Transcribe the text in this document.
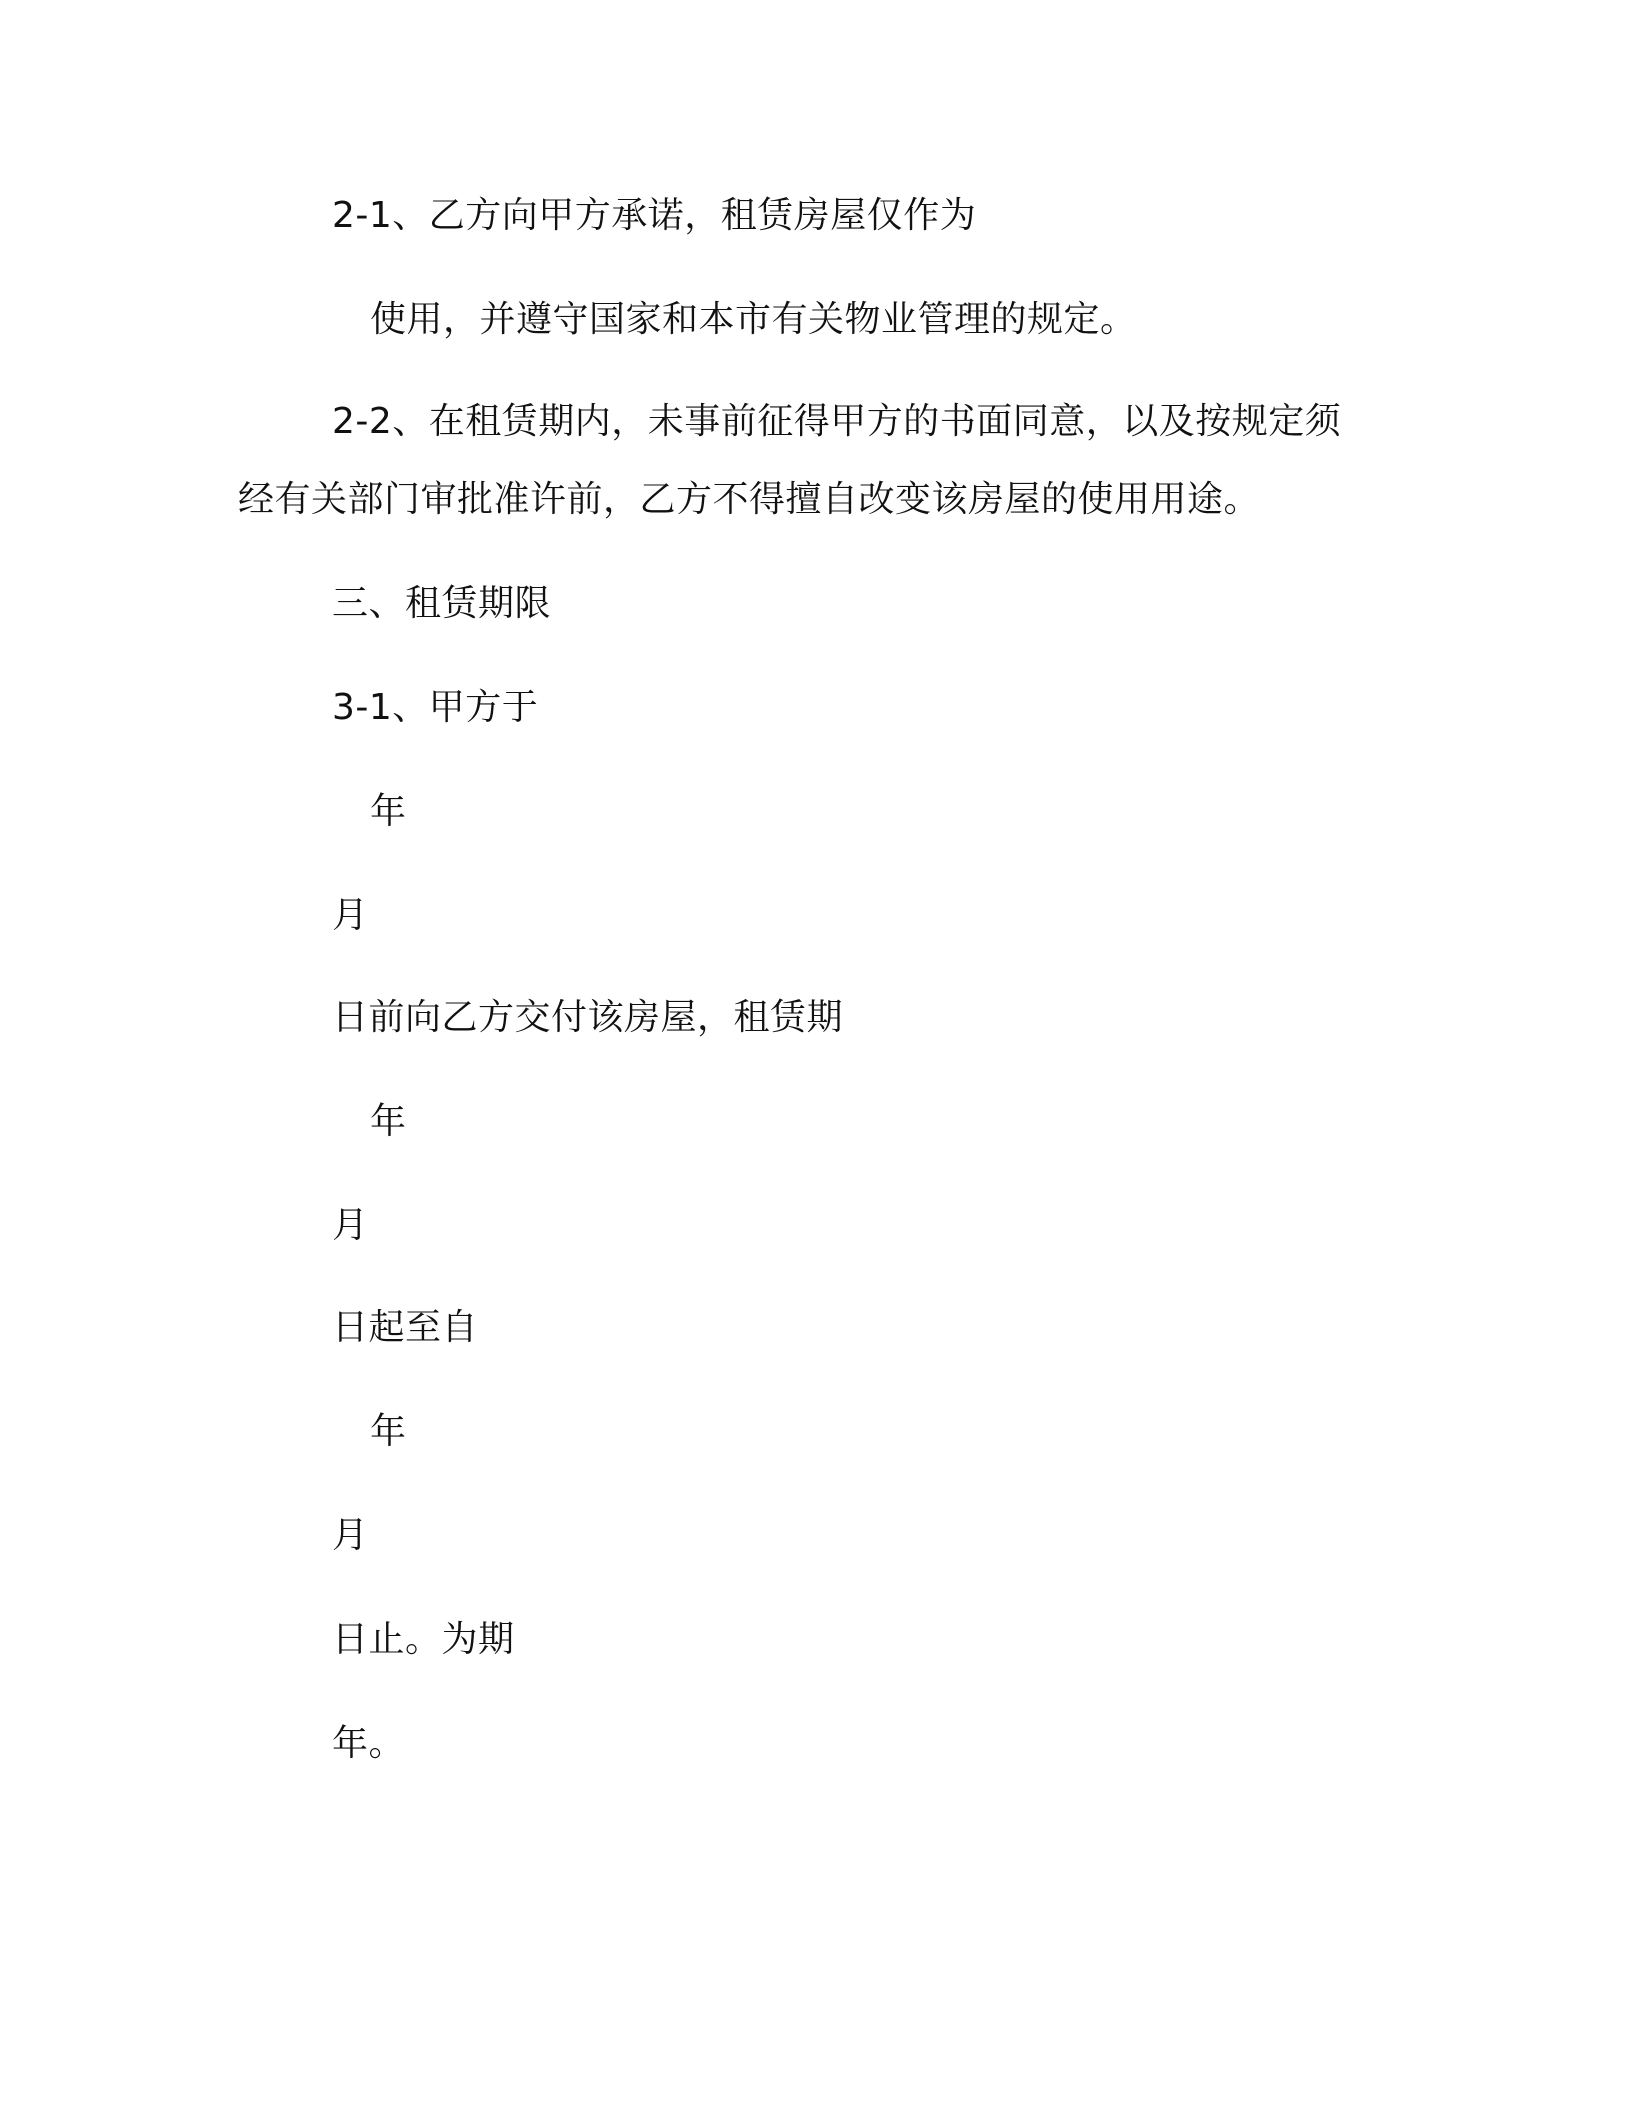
2-1、乙方向甲方承诺，租赁房屋仅作为
使用，并遵守国家和本市有关物业管理的规定。
2-2、在租赁期内，未事前征得甲方的书面同意，以及按规定须
经有关部门审批准许前，乙方不得擅自改变该房屋的使用用途。
三、租赁期限
3-1、甲方于
年
月
日前向乙方交付该房屋，租赁期
年
月
日起至自
年
月
日止。为期
年。
